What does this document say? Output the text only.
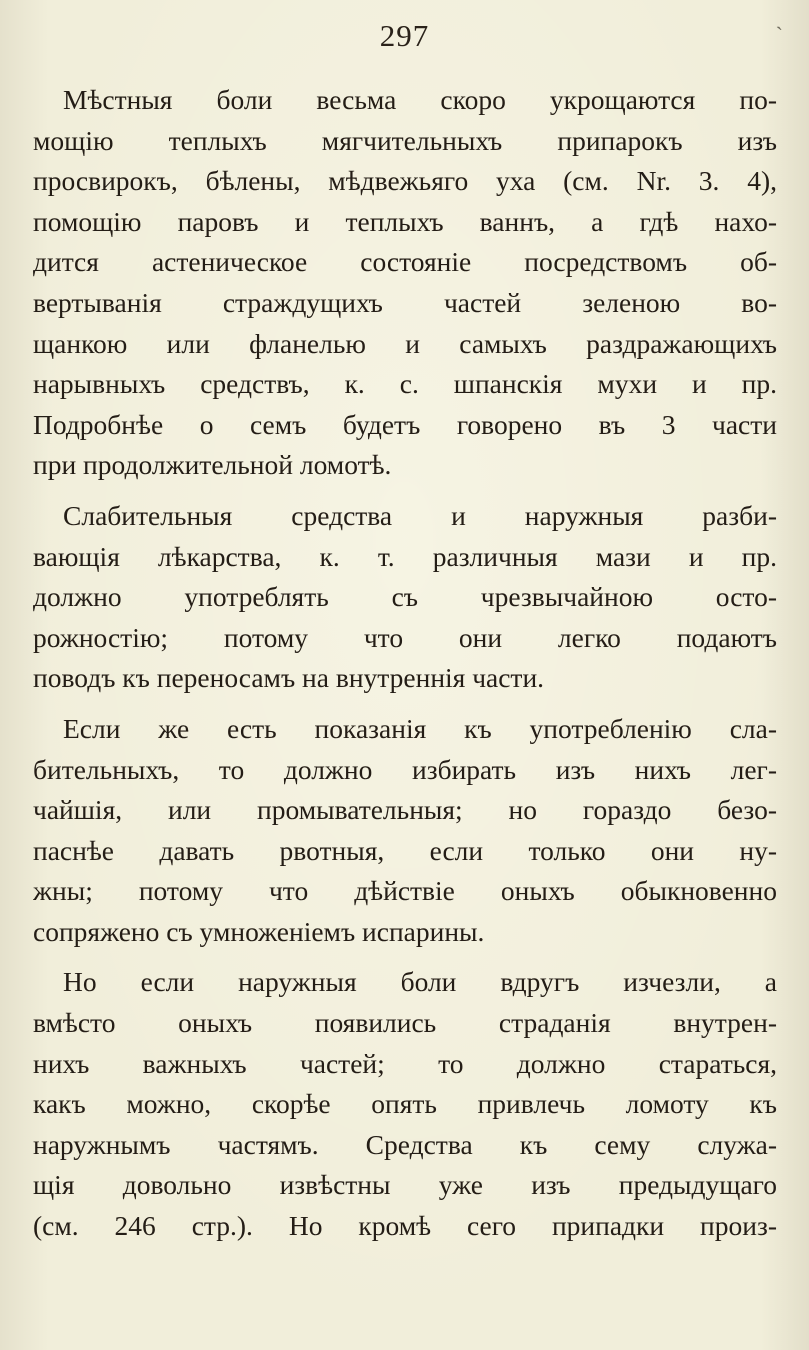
297	ˋ
Мѣстныя боли весьма скоро укрощаются по-
мощію теплыхъ мягчительныхъ припарокъ изъ
просвирокъ, бѣлены, мѣдвежьяго уха (см. Nr. 3. 4),
помощію паровъ и теплыхъ ваннъ, а гдѣ нахо-
дится астеническое состояніе посредствомъ об-
вертыванія страждущихъ частей зеленою во-
щанкою или фланелью и самыхъ раздражающихъ
нарывныхъ средствъ, к. с. шпанскія мухи и пр.
Подробнѣе о семъ будетъ говорено въ 3 части
при продолжительной ломотѣ.
Слабительныя средства и наружныя разби-
вающія лѣкарства, к. т. различныя мази и пр.
должно употреблять съ чрезвычайною осто-
рожностію; потому что они легко подаютъ
поводъ къ переносамъ на внутреннія части.
Если же есть показанія къ употребленію сла-
бительныхъ, то должно избирать изъ нихъ лег-
чайшія, или промывательныя; но гораздо безо-
паснѣе давать рвотныя, если только они ну-
жны; потому что дѣйствіе оныхъ обыкновенно
сопряжено съ умноженіемъ испарины.
Но если наружныя боли вдругъ изчезли, а
вмѣсто оныхъ появились страданія внутрен-
нихъ важныхъ частей; то должно стараться,
какъ можно, скорѣе опять привлечь ломоту къ
наружнымъ частямъ. Средства къ сему служа-
щія довольно извѣстны уже изъ предыдущаго
(см. 246 стр.). Но кромѣ сего припадки произ-
